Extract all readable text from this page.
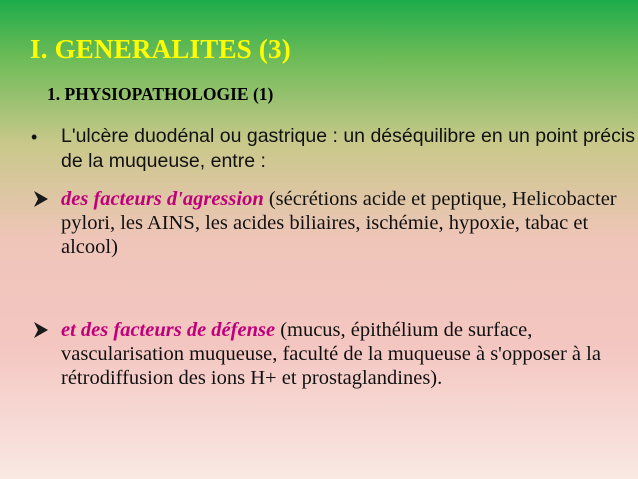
I. GENERALITES (3)
1. PHYSIOPATHOLOGIE (1)
• L'ulcère duodénal ou gastrique : un déséquilibre en un point précis de la muqueuse, entre :
des facteurs d'agression (sécrétions acide et peptique, Helicobacter pylori, les AINS, les acides biliaires, ischémie, hypoxie, tabac et alcool)
et des facteurs de défense (mucus, épithélium de surface, vascularisation muqueuse, faculté de la muqueuse à s'opposer à la rétrodiffusion des ions H+ et prostaglandines).
